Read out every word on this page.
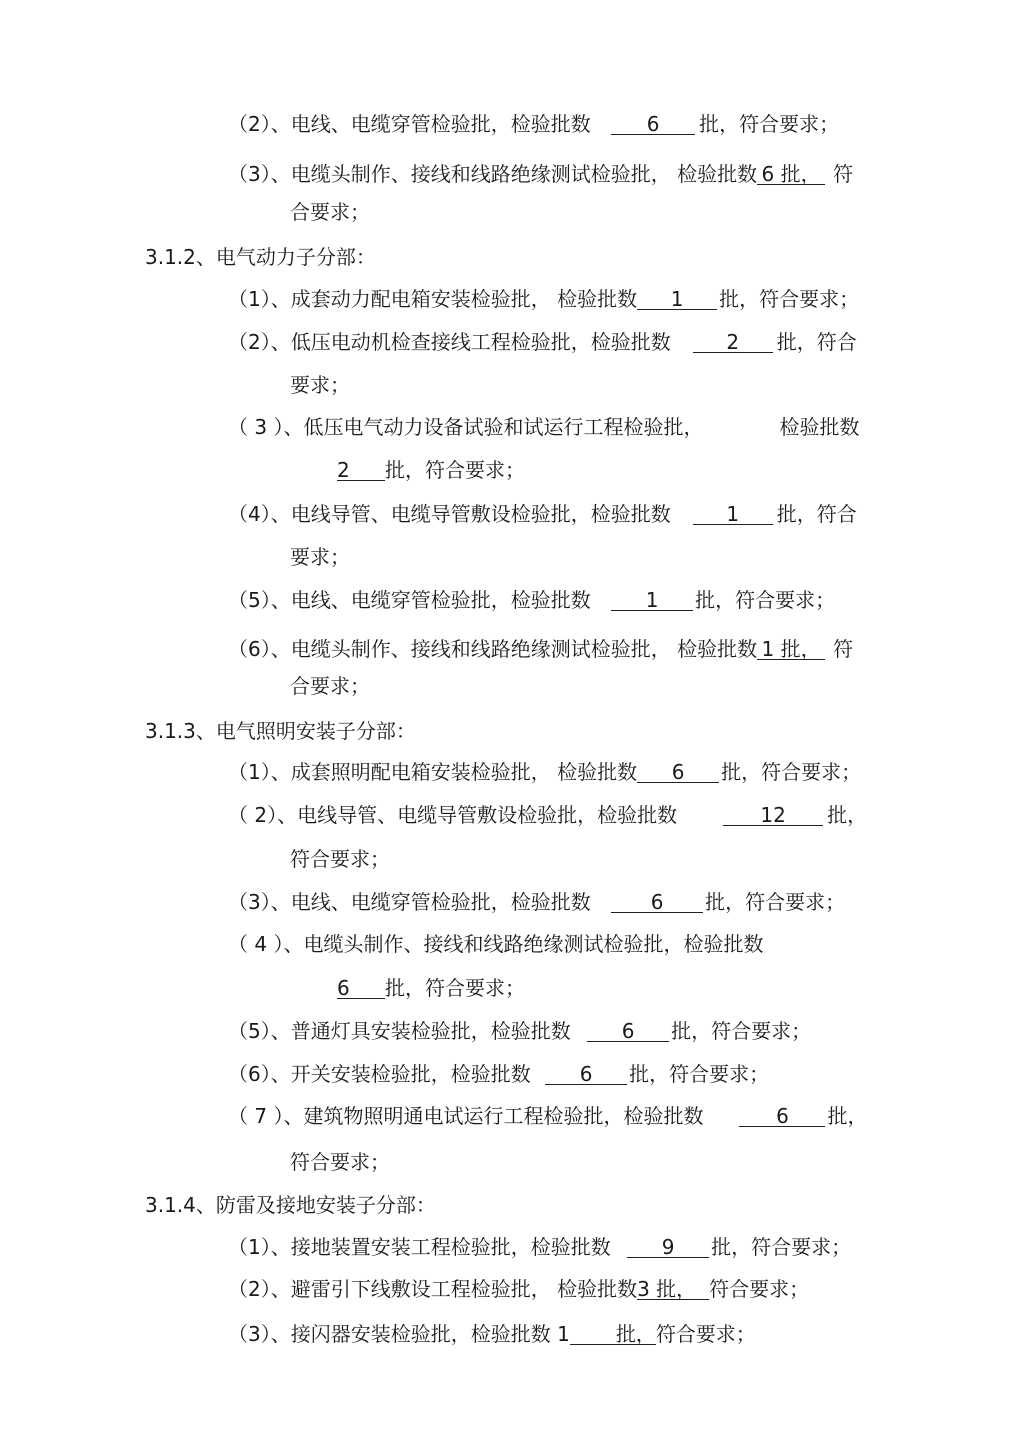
（2）、电线、电缆穿管检验批，检验批数	6 批，符合要求；
（3）、电缆头制作、接线和线路绝缘测试检验批， 检验批数 6 批， 符
合要求；
3.1.2、电气动力子分部：
（1）、成套动力配电箱安装检验批， 检验批数 1 批，符合要求；
（2）、低压电动机检查接线工程检验批，检验批数	2 批，符合
要求；
（ 3 ）、低压电气动力设备试验和试运行工程检验批，	检验批数
2 批，符合要求；
（4）、电线导管、电缆导管敷设检验批，检验批数	1 批，符合
要求；
（5）、电线、电缆穿管检验批，检验批数	1 批，符合要求；
（6）、电缆头制作、接线和线路绝缘测试检验批， 检验批数 1 批， 符
合要求；
3.1.3、电气照明安装子分部：
（1）、成套照明配电箱安装检验批， 检验批数 6 批，符合要求；
（ 2）、电线导管、电缆导管敷设检验批，检验批数	12 批，
符合要求；
（3）、电线、电缆穿管检验批，检验批数	6 批，符合要求；
（ 4 ）、电缆头制作、接线和线路绝缘测试检验批，检验批数
6 批，符合要求；
（5）、普通灯具安装检验批，检验批数	6 批，符合要求；
（6）、开关安装检验批，检验批数 6 批，符合要求；
（ 7 ）、建筑物照明通电试运行工程检验批，检验批数	6 批，
符合要求；
3.1.4、防雷及接地安装子分部：
（1）、接地装置安装工程检验批，检验批数	9 批，符合要求；
（2）、避雷引下线敷设工程检验批， 检验批数3 批， 符合要求；
（3）、接闪器安装检验批，检验批数 1 批，符合要求；
